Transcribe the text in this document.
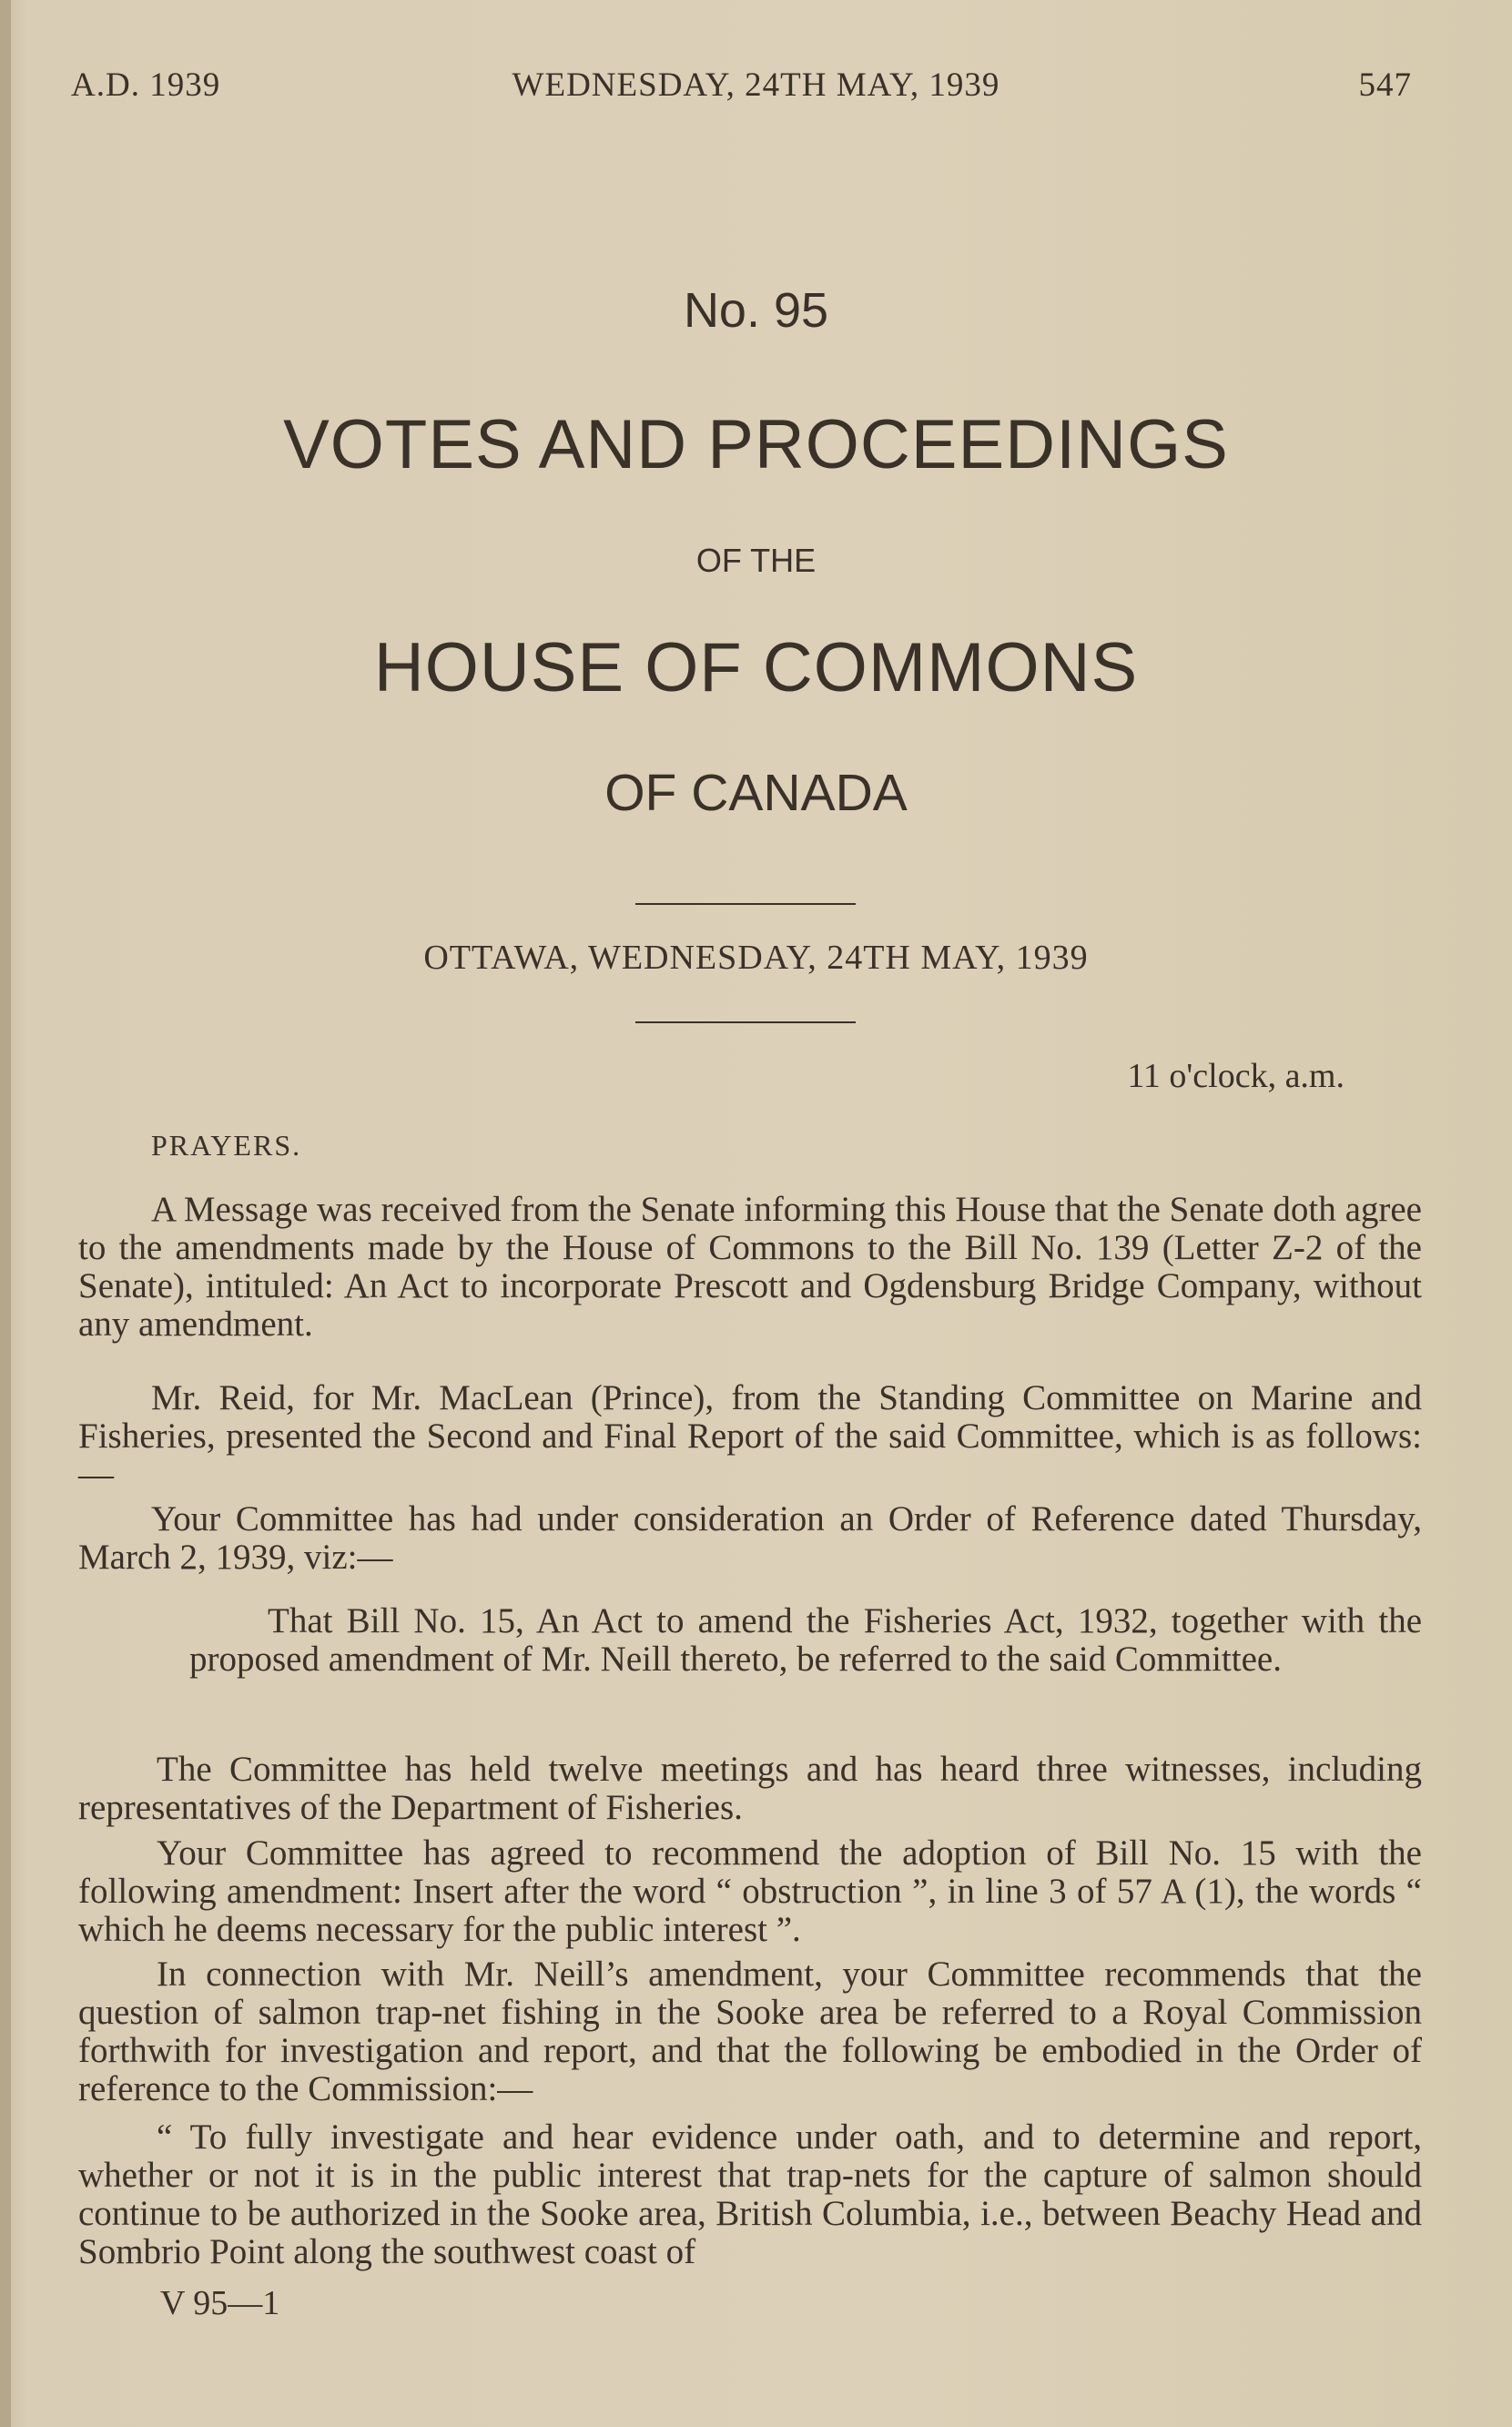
A.D. 1939	WEDNESDAY, 24TH MAY, 1939	547
No. 95
VOTES AND PROCEEDINGS
OF THE
HOUSE OF COMMONS
OF CANADA
OTTAWA, WEDNESDAY, 24TH MAY, 1939
11 o'clock, a.m.
PRAYERS.
A Message was received from the Senate informing this House that the Senate doth agree to the amendments made by the House of Commons to the Bill No. 139 (Letter Z-2 of the Senate), intituled: An Act to incorporate Prescott and Ogdensburg Bridge Company, without any amendment.
Mr. Reid, for Mr. MacLean (Prince), from the Standing Committee on Marine and Fisheries, presented the Second and Final Report of the said Committee, which is as follows:—
Your Committee has had under consideration an Order of Reference dated Thursday, March 2, 1939, viz:—
That Bill No. 15, An Act to amend the Fisheries Act, 1932, together with the proposed amendment of Mr. Neill thereto, be referred to the said Committee.
The Committee has held twelve meetings and has heard three witnesses, including representatives of the Department of Fisheries.
Your Committee has agreed to recommend the adoption of Bill No. 15 with the following amendment: Insert after the word “ obstruction ”, in line 3 of 57 A (1), the words “ which he deems necessary for the public interest ”.
In connection with Mr. Neill’s amendment, your Committee recommends that the question of salmon trap-net fishing in the Sooke area be referred to a Royal Commission forthwith for investigation and report, and that the following be embodied in the Order of reference to the Commission:—
“ To fully investigate and hear evidence under oath, and to determine and report, whether or not it is in the public interest that trap-nets for the capture of salmon should continue to be authorized in the Sooke area, British Columbia, i.e., between Beachy Head and Sombrio Point along the southwest coast of
V 95—1
